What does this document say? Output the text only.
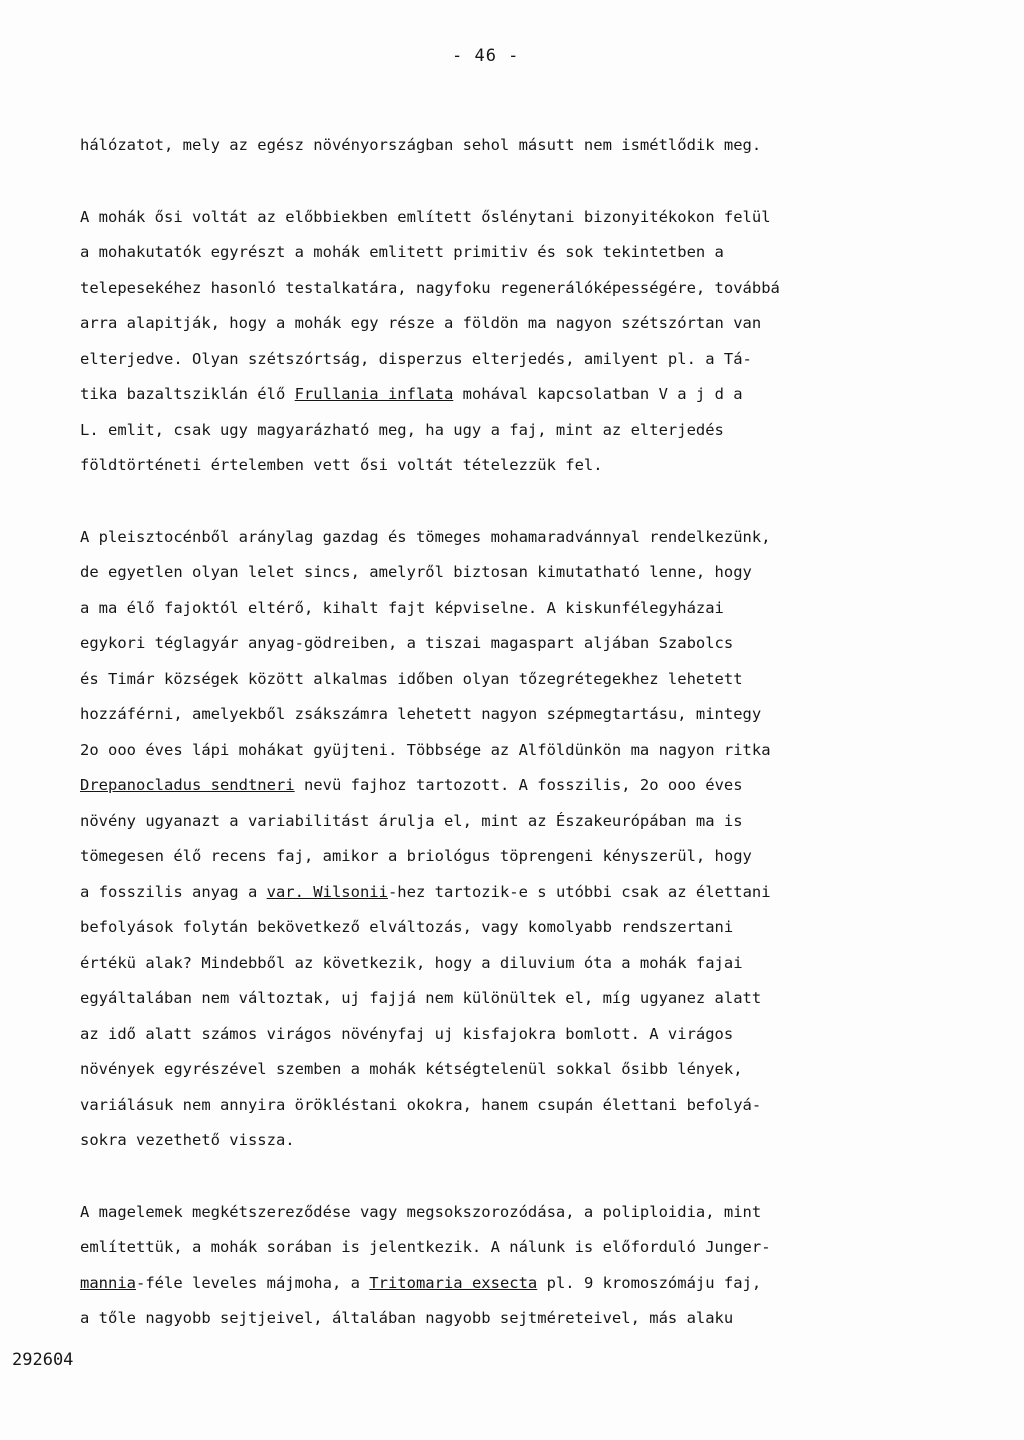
- 46 -
hálózatot, mely az egész növényországban sehol másutt nem ismétlődik meg.
A mohák ősi voltát az előbbiekben említett őslénytani bizonyitékokon felül
a mohakutatók egyrészt a mohák emlitett primitiv és sok tekintetben a
telepesekéhez hasonló testalkatára, nagyfoku regenerálóképességére, továbbá
arra alapitják, hogy a mohák egy része a földön ma nagyon szétszórtan van
elterjedve. Olyan szétszórtság, disperzus elterjedés, amilyent pl. a Tá-
tika bazaltsziklán élő Frullania inflata mohával kapcsolatban V a j d a
L. emlit, csak ugy magyarázható meg, ha ugy a faj, mint az elterjedés
földtörténeti értelemben vett ősi voltát tételezzük fel.
A pleisztocénből aránylag gazdag és tömeges mohamaradvánnyal rendelkezünk,
de egyetlen olyan lelet sincs, amelyről biztosan kimutatható lenne, hogy
a ma élő fajoktól eltérő, kihalt fajt képviselne. A kiskunfélegyházai
egykori téglagyár anyag-gödreiben, a tiszai magaspart aljában Szabolcs
és Timár községek között alkalmas időben olyan tőzegrétegekhez lehetett
hozzáférni, amelyekből zsákszámra lehetett nagyon szépmegtartásu, mintegy
2o ooo éves lápi mohákat gyüjteni. Többsége az Alföldünkön ma nagyon ritka
Drepanocladus sendtneri nevü fajhoz tartozott. A fosszilis, 2o ooo éves
növény ugyanazt a variabilitást árulja el, mint az Északeurópában ma is
tömegesen élő recens faj, amikor a briológus töprengeni kényszerül, hogy
a fosszilis anyag a var. Wilsonii-hez tartozik-e s utóbbi csak az élettani
befolyások folytán bekövetkező elváltozás, vagy komolyabb rendszertani
értékü alak? Mindebből az következik, hogy a diluvium óta a mohák fajai
egyáltalában nem változtak, uj fajjá nem különültek el, míg ugyanez alatt
az idő alatt számos virágos növényfaj uj kisfajokra bomlott. A virágos
növények egyrészével szemben a mohák kétségtelenül sokkal ősibb lények,
variálásuk nem annyira örökléstani okokra, hanem csupán élettani befolyá-
sokra vezethető vissza.
A magelemek megkétszereződése vagy megsokszorozódása, a poliploidia, mint
említettük, a mohák sorában is jelentkezik. A nálunk is előforduló Junger-
mannia-féle leveles májmoha, a Tritomaria exsecta pl. 9 kromoszómáju faj,
a tőle nagyobb sejtjeivel, általában nagyobb sejtméreteivel, más alaku
292604
